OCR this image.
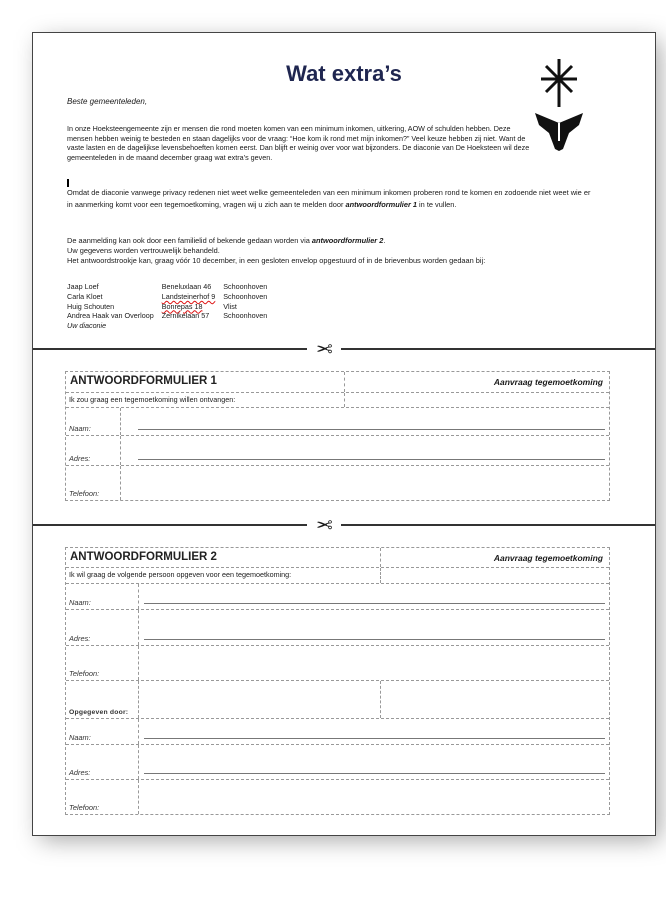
Wat extra’s
Beste gemeenteleden,
In onze Hoeksteengemeente zijn er mensen die rond moeten komen van een minimum inkomen, uitkering, AOW of schulden hebben. Deze mensen hebben weinig te besteden en staan dagelijks voor de vraag: “Hoe kom ik rond met mijn inkomen?” Veel keuze hebben zij niet. Want de vaste lasten en de dagelijkse levensbehoeften komen eerst. Dan blijft er weinig over voor wat bijzonders. De diaconie van De Hoeksteen wil deze gemeenteleden in de maand december graag wat extra’s geven.
Omdat de diaconie vanwege privacy redenen niet weet welke gemeenteleden van een minimum inkomen proberen rond te komen en zodoende niet weet wie er in aanmerking komt voor een tegemoetkoming, vragen wij u zich aan te melden door antwoordformulier 1 in te vullen.
De aanmelding kan ook door een familielid of bekende gedaan worden via antwoordformulier 2.
Uw gegevens worden vertrouwelijk behandeld.
Het antwoordstrookje kan, graag vóór 10 december, in een gesloten envelop opgestuurd of in de brievenbus worden gedaan bij:
Jaap Loef	Beneluxlaan 46	Schoonhoven
Carla Kloet	Landsteinerhof 9	Schoonhoven
Huig Schouten	Bonrepas 18	Vlist
Andrea Haak van Overloop	Zernikelaan 57	Schoonhoven
Uw diaconie		
✂
ANTWOORDFORMULIER 1	Aanvraag tegemoetkoming
Ik zou graag een tegemoetkoming willen ontvangen:
Naam:
Adres:
Telefoon:
✂
ANTWOORDFORMULIER 2	Aanvraag tegemoetkoming
Ik wil graag de volgende persoon opgeven voor een tegemoetkoming:
Naam:
Adres:
Telefoon:
Opgegeven door:
Naam:
Adres:
Telefoon:
